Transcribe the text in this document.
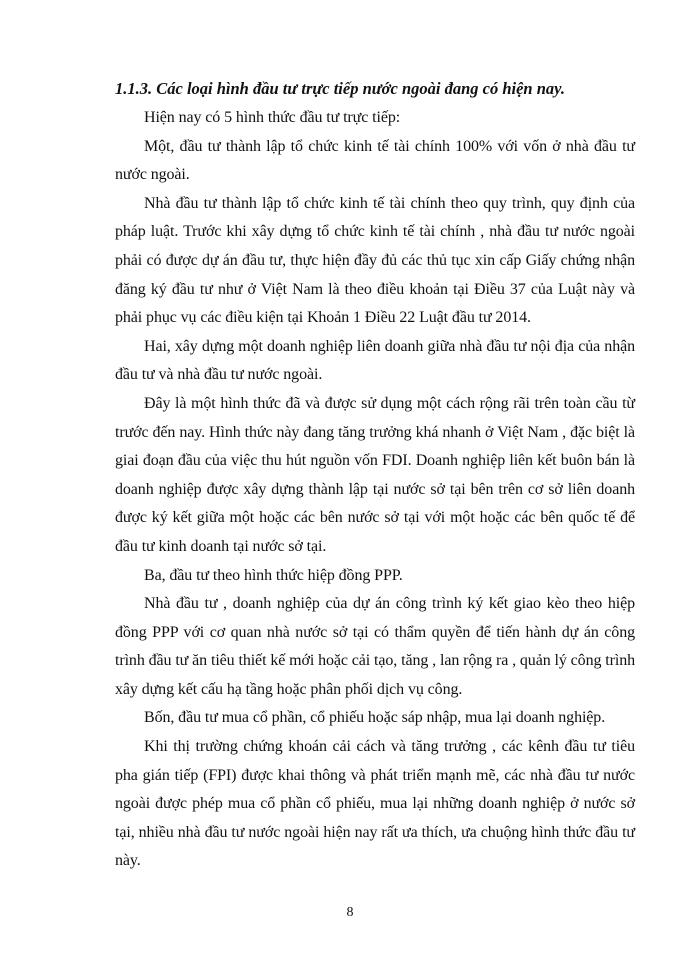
1.1.3. Các loại hình đầu tư trực tiếp nước ngoài đang có hiện nay.

Hiện nay có 5 hình thức đầu tư trực tiếp:

Một, đầu tư thành lập tổ chức kinh tế tài chính 100% với vốn ở nhà đầu tư nước ngoài.

Nhà đầu tư thành lập tổ chức kinh tế tài chính theo quy trình, quy định của pháp luật. Trước khi xây dựng tổ chức kinh tế tài chính , nhà đầu tư nước ngoài phải có được dự án đầu tư, thực hiện đầy đủ các thủ tục xin cấp Giấy chứng nhận đăng ký đầu tư như ở Việt Nam là theo điều khoản tại Điều 37 của Luật này và phải phục vụ các điều kiện tại Khoản 1 Điều 22 Luật đầu tư 2014.

Hai, xây dựng một doanh nghiệp liên doanh giữa nhà đầu tư nội địa của nhận đầu tư và nhà đầu tư nước ngoài.

Đây là một hình thức đã và được sử dụng một cách rộng rãi trên toàn cầu từ trước đến nay. Hình thức này đang tăng trưởng khá nhanh ở Việt Nam , đặc biệt là giai đoạn đầu của việc thu hút nguồn vốn FDI. Doanh nghiệp liên kết buôn bán là doanh nghiệp được xây dựng thành lập tại nước sở tại bên trên cơ sở liên doanh được ký kết giữa một hoặc các bên nước sở tại với một hoặc các bên quốc tế để đầu tư kinh doanh tại nước sở tại.

Ba, đầu tư theo hình thức hiệp đồng PPP.

Nhà đầu tư , doanh nghiệp của dự án công trình ký kết giao kèo theo hiệp đồng PPP với cơ quan nhà nước sở tại có thẩm quyền để tiến hành dự án công trình đầu tư ăn tiêu thiết kế mới hoặc cải tạo, tăng , lan rộng ra , quản lý công trình xây dựng kết cấu hạ tầng hoặc phân phối dịch vụ công.

Bốn, đầu tư mua cổ phần, cổ phiếu hoặc sáp nhập, mua lại doanh nghiệp.

Khi thị trường chứng khoán cải cách và tăng trưởng , các kênh đầu tư tiêu pha gián tiếp (FPI) được khai thông và phát triển mạnh mẽ, các nhà đầu tư nước ngoài được phép mua cổ phần cổ phiếu, mua lại những doanh nghiệp ở nước sở tại, nhiều nhà đầu tư nước ngoài hiện nay rất ưa thích, ưa chuộng hình thức đầu tư này.

8
